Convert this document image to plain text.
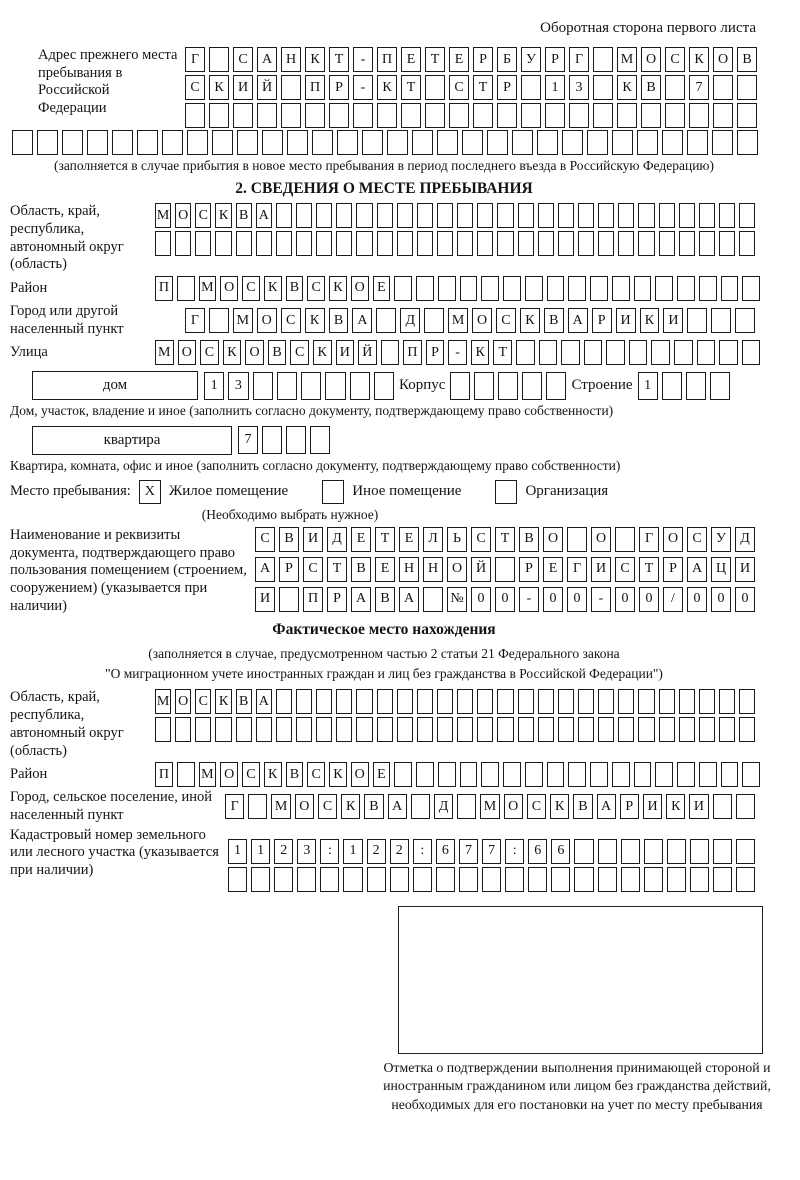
Оборотная сторона первого листа
Адрес прежнего места пребывания в Российской Федерации
Г	С	А Н	К	Т	-	П	Е	Т	Е	Р	Б	У	Р	Г	М О	С	К	О	В
С	К	И Й	П	Р	-	К	Т	С	Т	Р	1	3	К	В	7
(заполняется в случае прибытия в новое место пребывания в период последнего въезда в Российскую Федерацию)
2. СВЕДЕНИЯ О МЕСТЕ ПРЕБЫВАНИЯ
Область, край, республика, автономный округ (область)
М О С К В А
Район	П М О С К В С К О Е
Город или другой населенный пункт
Г	М О	С	К	В	А	Д	М О	С	К	В	А	Р	И	К	И
Улица	М О С К О В С К И Й	П Р	-	К Т
дом	1	3	Корпус	Строение 1
Дом, участок, владение и иное (заполнить согласно документу, подтверждающему право собственности)
квартира	7
Квартира, комната, офис и иное (заполнить согласно документу, подтверждающему право собственности)
Место пребывания: X Жилое помещение	Иное помещение	Организация
(Необходимо выбрать нужное)
Наименование и реквизиты документа, подтверждающего право пользования помещением (строением, сооружением) (указывается при наличии)
С	В	И	Д	Е	Т	Е	Л	Ь	С	Т	В	О	О	Г	О	С	У	Д
А	Р	С	Т	В	Е	Н Н О Й	Р	Е	Г	И	С	Т	Р	А Ц И
И	П	Р	А	В	А	№ 0	0	-	0	0	-	0	0	/	0	0	0
Фактическое место нахождения
(заполняется в случае, предусмотренном частью 2 статьи 21 Федерального закона
"О миграционном учете иностранных граждан и лиц без гражданства в Российской Федерации")
Область, край, республика, автономный округ (область)
М О С К В А
Район	П М О С К В С К О Е
Город, сельское поселение, иной населенный пункт
Г	М О С К В А	Д	М О С К В А	Р	И К И
Кадастровый номер земельного или лесного участка (указывается при наличии)
1	1	2	3	:	1	2	2	:	6	7	7	:	6	6
Отметка о подтверждении выполнения принимающей стороной и иностранным гражданином или лицом без гражданства действий, необходимых для его постановки на учет по месту пребывания
